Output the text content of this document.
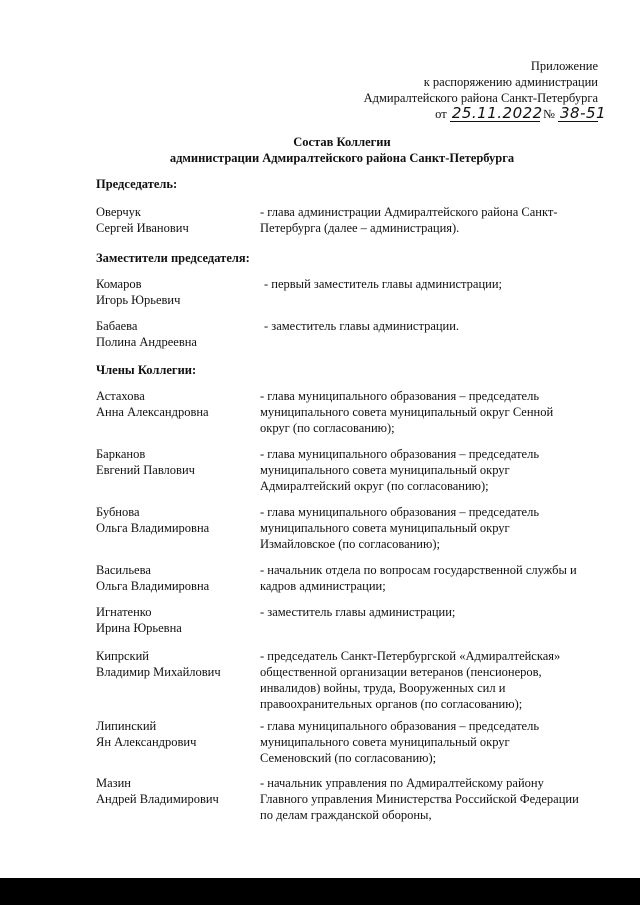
Приложение
к распоряжению администрации
Адмиралтейского района Санкт-Петербурга
от 25.11.2022 № 38-51
Состав Коллегии
администрации Адмиралтейского района Санкт-Петербурга
Председатель:
Оверчук
Сергей Иванович
- глава администрации Адмиралтейского района Санкт-Петербурга (далее – администрация).
Заместители председателя:
Комаров
Игорь Юрьевич
- первый заместитель главы администрации;
Бабаева
Полина Андреевна
- заместитель главы администрации.
Члены Коллегии:
Астахова
Анна Александровна
- глава муниципального образования – председатель муниципального совета муниципальный округ Сенной округ (по согласованию);
Барканов
Евгений Павлович
- глава муниципального образования – председатель муниципального совета муниципальный округ Адмиралтейский округ (по согласованию);
Бубнова
Ольга Владимировна
- глава муниципального образования – председатель муниципального совета муниципальный округ Измайловское (по согласованию);
Васильева
Ольга Владимировна
- начальник отдела по вопросам государственной службы и кадров администрации;
Игнатенко
Ирина Юрьевна
- заместитель главы администрации;
Кипрский
Владимир Михайлович
- председатель Санкт-Петербургской «Адмиралтейская» общественной организации ветеранов (пенсионеров, инвалидов) войны, труда, Вооруженных сил и правоохранительных органов (по согласованию);
Липинский
Ян Александрович
- глава муниципального образования – председатель муниципального совета муниципальный округ Семеновский (по согласованию);
Мазин
Андрей Владимирович
- начальник управления по Адмиралтейскому району Главного управления Министерства Российской Федерации по делам гражданской обороны,
